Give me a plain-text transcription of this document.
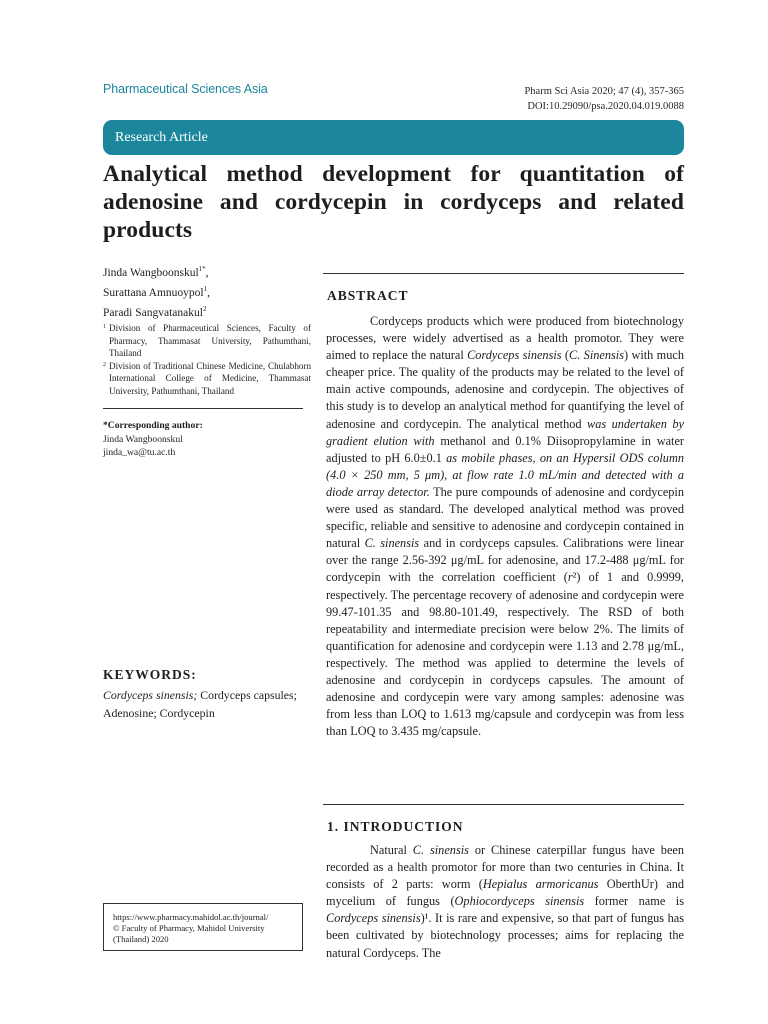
Pharmaceutical Sciences Asia	Pharm Sci Asia 2020; 47 (4), 357-365
DOI:10.29090/psa.2020.04.019.0088
Research Article
Analytical method development for quantitation of adenosine and cordycepin in cordyceps and related products
Jinda Wangboonskul$^{1*}$,
Surattana Amnuoypol$^1$,
Paradi Sangvatanakul$^2$
1 Division of Pharmaceutical Sciences, Faculty of Pharmacy, Thammasat University, Pathumthani, Thailand
2 Division of Traditional Chinese Medicine, Chulabhorn International College of Medicine, Thammasat University, Pathumthani, Thailand
*Corresponding author:
Jinda Wangboonskul
jinda_wa@tu.ac.th
KEYWORDS:
Cordyceps sinensis; Cordyceps capsules; Adenosine; Cordycepin
https://www.pharmacy.mahidol.ac.th/journal/
© Faculty of Pharmacy, Mahidol University (Thailand) 2020
ABSTRACT

Cordyceps products which were produced from biotechnology processes, were widely advertised as a health promotor. They were aimed to replace the natural Cordyceps sinensis (C. Sinensis) with much cheaper price. The quality of the products may be related to the level of main active compounds, adenosine and cordycepin. The objectives of this study is to develop an analytical method for quantifying the level of adenosine and cordycepin. The analytical method was undertaken by gradient elution with methanol and 0.1% Diisopropylamine in water adjusted to pH 6.0±0.1 as mobile phases, on an Hypersil ODS column (4.0 × 250 mm, 5 μm), at flow rate 1.0 mL/min and detected with a diode array detector. The pure compounds of adenosine and cordycepin were used as standard. The developed analytical method was proved specific, reliable and sensitive to adenosine and cordycepin contained in natural C. sinensis and in cordyceps capsules. Calibrations were linear over the range 2.56-392 μg/mL for adenosine, and 17.2-488 μg/mL for cordycepin with the correlation coefficient (r²) of 1 and 0.9999, respectively. The percentage recovery of adenosine and cordycepin were 99.47-101.35 and 98.80-101.49, respectively. The RSD of both repeatability and intermediate precision were below 2%. The limits of quantification for adenosine and cordycepin were 1.13 and 2.78 μg/mL, respectively. The method was applied to determine the levels of adenosine and cordycepin in cordyceps capsules. The amount of adenosine and cordycepin were vary among samples: adenosine was from less than LOQ to 1.613 mg/capsule and cordycepin was from less than LOQ to 3.435 mg/capsule.

1. INTRODUCTION

Natural C. sinensis or Chinese caterpillar fungus have been recorded as a health promotor for more than two centuries in China. It consists of 2 parts: worm (Hepialus armoricanus OberthUr) and mycelium of fungus (Ophiocordyceps sinensis former name is Cordyceps sinensis)¹. It is rare and expensive, so that part of fungus has been cultivated by biotechnology processes; aims for replacing the natural Cordyceps. The
